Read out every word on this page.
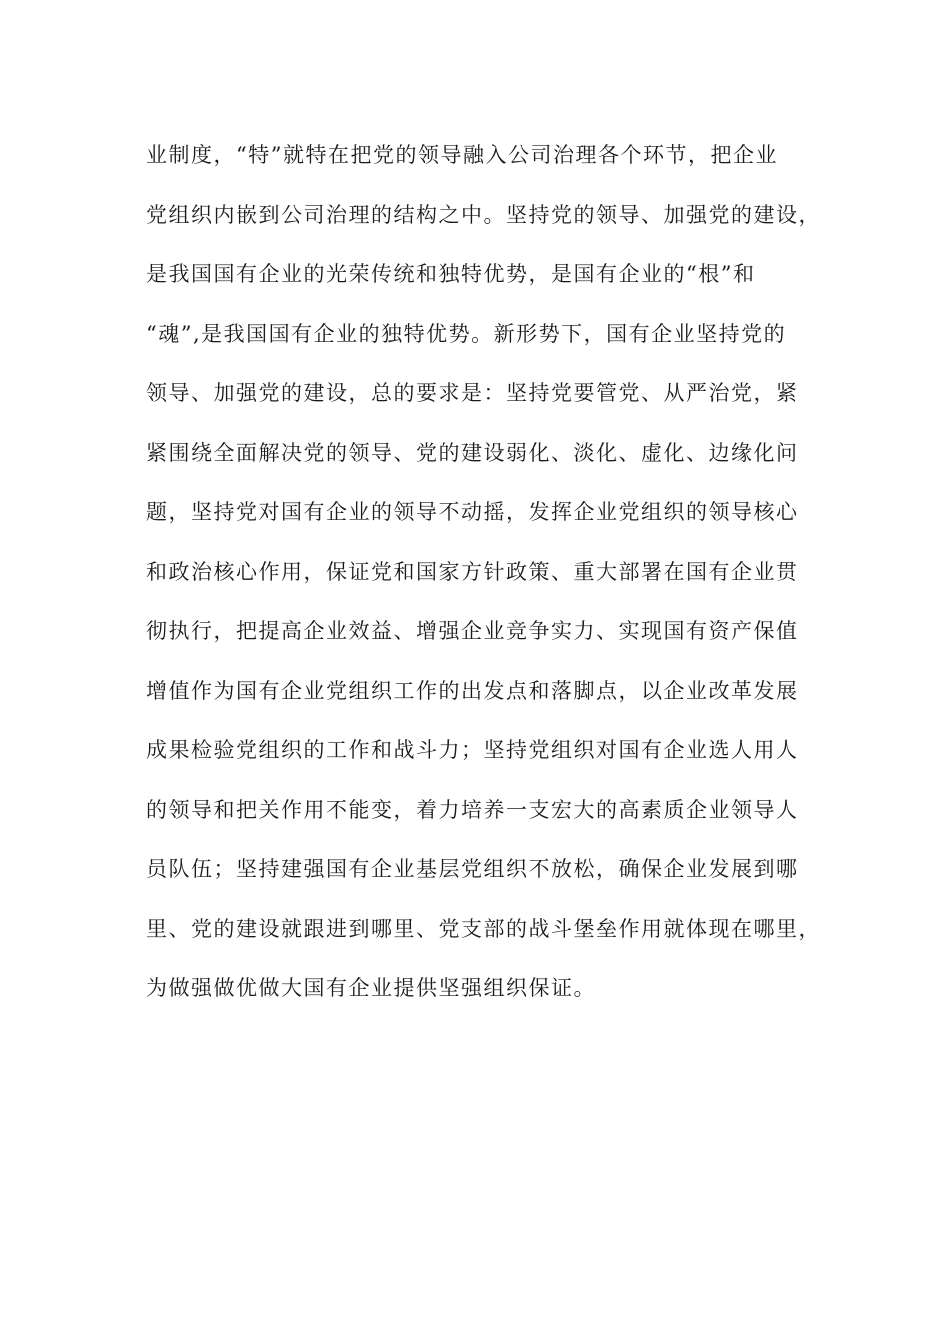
业制度，“特”就特在把党的领导融入公司治理各个环节，把企业
党组织内嵌到公司治理的结构之中。坚持党的领导、加强党的建设，
是我国国有企业的光荣传统和独特优势，是国有企业的“根”和
“魂”,是我国国有企业的独特优势。新形势下，国有企业坚持党的
领导、加强党的建设，总的要求是：坚持党要管党、从严治党，紧
紧围绕全面解决党的领导、党的建设弱化、淡化、虚化、边缘化问
题，坚持党对国有企业的领导不动摇，发挥企业党组织的领导核心
和政治核心作用，保证党和国家方针政策、重大部署在国有企业贯
彻执行，把提高企业效益、增强企业竞争实力、实现国有资产保值
增值作为国有企业党组织工作的出发点和落脚点，以企业改革发展
成果检验党组织的工作和战斗力；坚持党组织对国有企业选人用人
的领导和把关作用不能变，着力培养一支宏大的高素质企业领导人
员队伍；坚持建强国有企业基层党组织不放松，确保企业发展到哪
里、党的建设就跟进到哪里、党支部的战斗堡垒作用就体现在哪里，
为做强做优做大国有企业提供坚强组织保证。
